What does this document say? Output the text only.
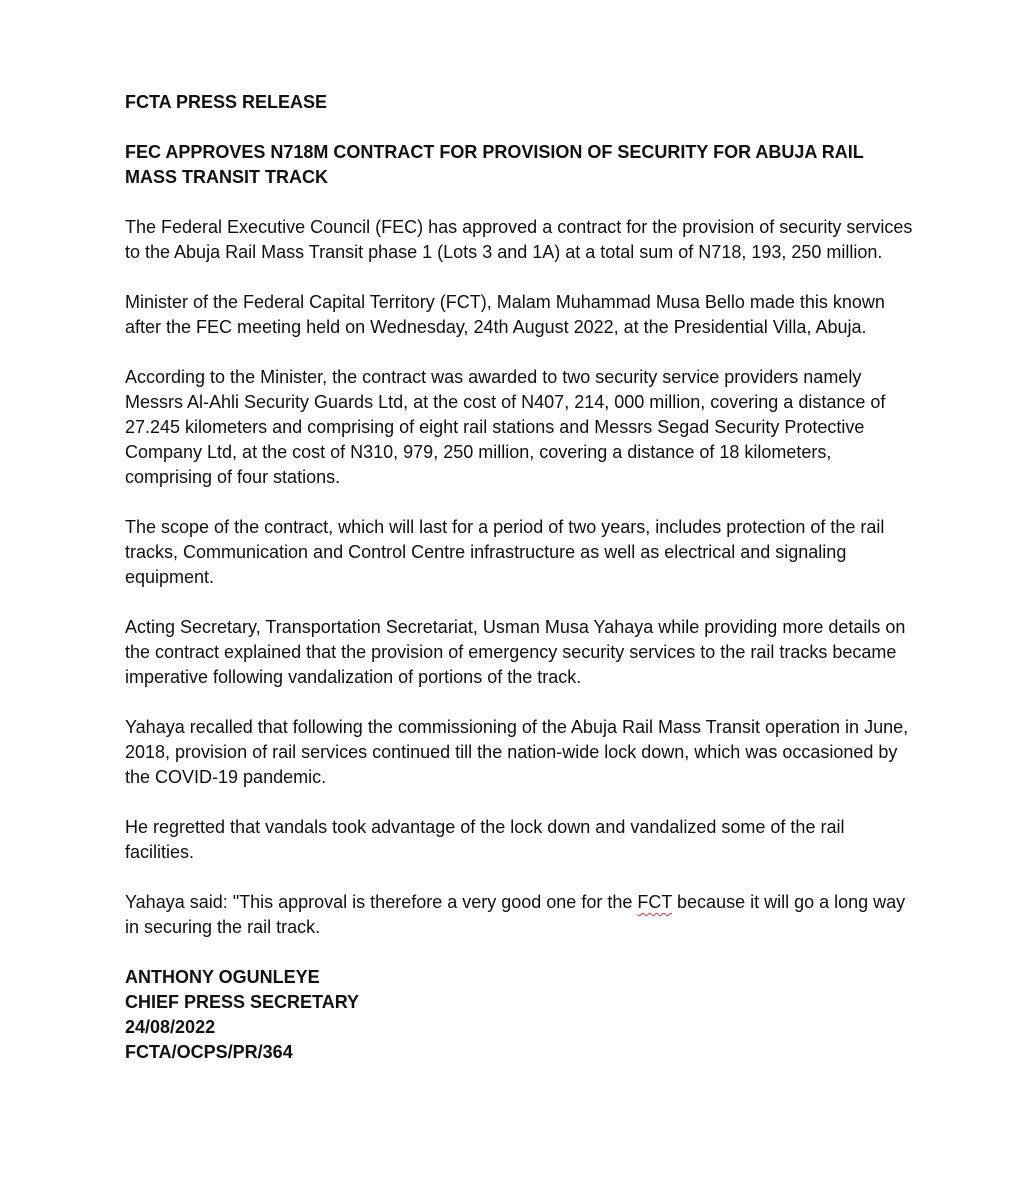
FCTA PRESS RELEASE

FEC APPROVES N718M CONTRACT FOR PROVISION OF SECURITY FOR ABUJA RAIL MASS TRANSIT TRACK

The Federal Executive Council (FEC) has approved a contract for the provision of security services to the Abuja Rail Mass Transit phase 1 (Lots 3 and 1A) at a total sum of N718, 193, 250 million.

Minister of the Federal Capital Territory (FCT), Malam Muhammad Musa Bello made this known after the FEC meeting held on Wednesday, 24th August 2022, at the Presidential Villa, Abuja.

According to the Minister, the contract was awarded to two security service providers namely Messrs Al-Ahli Security Guards Ltd, at the cost of N407, 214, 000 million, covering a distance of 27.245 kilometers and comprising of eight rail stations and Messrs Segad Security Protective Company Ltd, at the cost of N310, 979, 250 million, covering a distance of 18 kilometers, comprising of four stations.

The scope of the contract, which will last for a period of two years, includes protection of the rail tracks, Communication and Control Centre infrastructure as well as electrical and signaling equipment.

Acting Secretary, Transportation Secretariat, Usman Musa Yahaya while providing more details on the contract explained that the provision of emergency security services to the rail tracks became imperative following vandalization of portions of the track.

Yahaya recalled that following the commissioning of the Abuja Rail Mass Transit operation in June, 2018, provision of rail services continued till the nation-wide lock down, which was occasioned by the COVID-19 pandemic.

He regretted that vandals took advantage of the lock down and vandalized some of the rail facilities.

Yahaya said: "This approval is therefore a very good one for the FCT because it will go a long way in securing the rail track.

ANTHONY OGUNLEYE
CHIEF PRESS SECRETARY
24/08/2022
FCTA/OCPS/PR/364
